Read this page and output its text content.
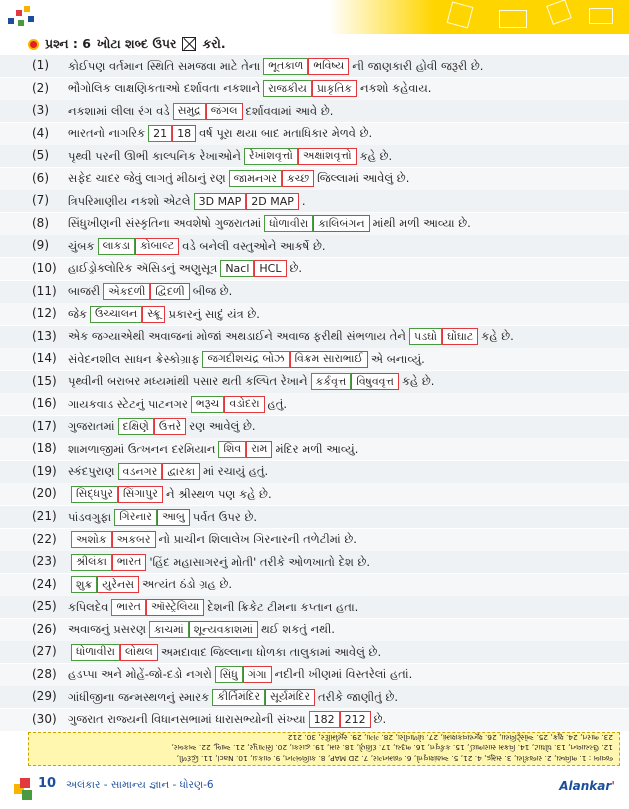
પ્રશ્ન : 6 ખોટા શબ્દ ઉપર ☒ કરો.
(1) કોઈપણ વર્તમાન સ્થિતિ સમજવા માટે તેના ભૂતકાળ ભવિષ્ય ની જાણકારી હોવી જરૂરી છે.
(2) ભૌગોલિક લાક્ષણિકતાઓ દર્શાવતા નકશાને રાજકીય પ્રાકૃતિક નકશો કહેવાય.
(3) નકશામાં લીલા રંગ વડે સમુદ્ર જંગલ દર્શાવવામાં આવે છે.
(4) ભારતનો નાગરિક 21 18 વર્ષ પૂરા થયા બાદ મતાધિકાર મેળવે છે.
(5) પૃથ્વી પરની ઊભી કાલ્પનિક રેખાઓને રેખાંશવૃત્તો અક્ષાંશવૃત્તો કહે છે.
(6) સફેદ ચાદર જેવું લાગતું મીઠાનું રણ જામનગર કચ્છ જિલ્લામાં આવેલું છે.
(7) ત્રિપરિમાણીય નકશો એટલે 3D MAP 2D MAP .
(8) સિંધુખીણની સંસ્કૃતિના અવશેષો ગુજરાતમાં ધોળાવીરા કાલિબંગન માંથી મળી આવ્યા છે.
(9) ચુંબક લાકડા કોબાલ્ટ વડે બનેલી વસ્તુઓને આકર્ષે છે.
(10) હાઈડ્રોક્લોરિક ઍસિડનું અણુસૂત્ર Nacl HCL છે.
(11) બાજરી એકદળી દ્વિદળી બીજ છે.
(12) જેક ઉચ્ચાલન સ્ક્રૂ પ્રકારનું સાદું યંત્ર છે.
(13) એક જગ્યાએથી અવાજનાં મોજાં અથડાઈને અવાજ ફરીથી સંભળાય તેને પડઘો ઘોંઘાટ કહે છે.
(14) સંવેદનશીલ સાધન ક્રેસ્કોગ્રાફ જગદીશચંદ્ર બોઝ વિક્રમ સારાભાઈ એ બનાવ્યું.
(15) પૃથ્વીની બરાબર મધ્યમાંથી પસાર થતી કલ્પિત રેખાને કર્કવૃત્ત વિષુવવૃત્ત કહે છે.
(16) ગાયકવાડ સ્ટેટનું પાટનગર ભરૂચ વડોદરા હતું.
(17) ગુજરાતમાં દક્ષિણે ઉત્તરે રણ આવેલું છે.
(18) શામળાજીમાં ઉત્ખનન દરમિયાન શિવ રામ મંદિર મળી આવ્યું.
(19) સ્કંદપુરાણ વડનગર દ્વારકા માં રચાયું હતું.
(20)	સિદ્ધપુર સિંગાપુર ને શ્રીસ્થળ પણ કહે છે.
(21) પાંડવગુફા ગિરનાર આબુ પર્વત ઉપર છે.
(22)	અશોક અકબર નો પ્રાચીન શિલાલેખ ગિરનારની તળેટીમાં છે.
(23)	શ્રીલંકા ભારત 'હિંદ મહાસાગરનું મોતી' તરીકે ઓળખાતો દેશ છે.
(24)	શુક્ર યુરેનસ અત્યંત ઠંડો ગ્રહ છે.
(25) કપિલદેવ ભારત ઑસ્ટ્રેલિયા દેશની ક્રિકેટ ટીમના કપ્તાન હતા.
(26) અવાજનું પ્રસરણ કાચમાં શૂન્યવકાશમાં થઈ શકતું નથી.
(27)	ધોળાવીરા લોથલ અમદાવાદ જિલ્લાના ધોળકા તાલુકામાં આવેલું છે.
(28) હડપ્પા અને મોહેં-જો-દડો નગરો સિંધુ ગંગા નદીની ખીણમાં વિસ્તરેલાં હતાં.
(29) ગાંધીજીના જન્મસ્થળનું સ્મારક કીર્તિમંદિર સૂર્યમંદિર તરીકે જાણીતું છે.
(30) ગુજરાત રાજ્યની વિધાનસભામાં ધારાસભ્યોની સંખ્યા 182 212 છે.
જવાબ : 1. ભવિષ્ય, 2. રાજકીય, 3. સમુદ્ર, 4. 21, 5. અક્ષાંશવૃત્તો, 6. જામનગર, 7. 2D MAP, 8. કાલિબંગન, 9. લાકડા, 10. Nacl, 11. દ્વિદળી,
12. ઉચ્ચાલન, 13. ઘોંઘાટ, 14. વિક્રમ સારાભાઈ, 15. કર્કવૃત્ત, 16. ભરૂચ, 17. દક્ષિણે, 18. રામ, 19. દ્વારકા, 20. સિંગાપુર, 21. આબુ, 22. અકબર,
23. ભારત, 24. શુક્ર, 25. ઑસ્ટ્રેલિયા, 26. શૂન્યવકાશમાં, 27. ધોળાવીરા, 28. ગંગા, 29. સૂર્યમંદિર, 30. 212
10 અલંકાર - સામાન્ય જ્ઞાન - ધોરણ-6	Alankar'
